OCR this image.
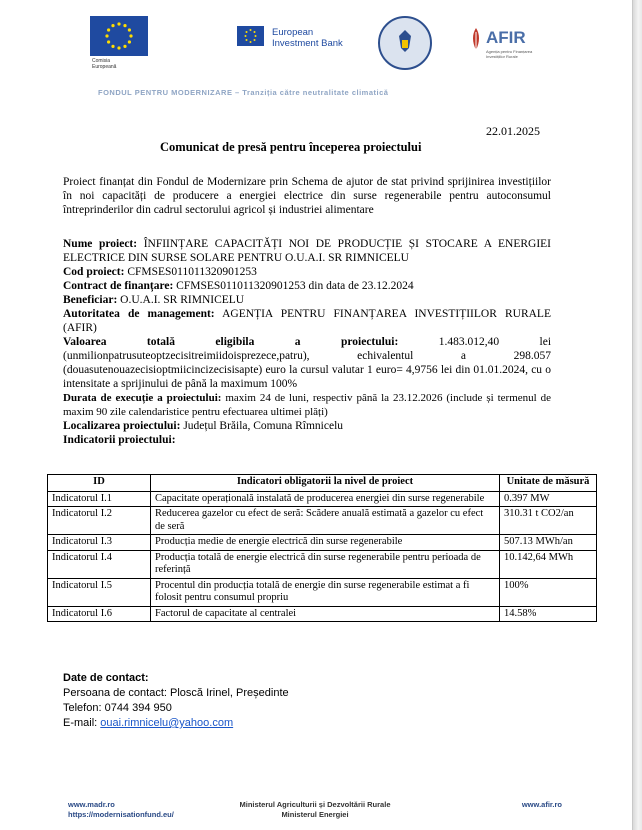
Comisia
Europeană
European
Investment Bank	AFIR
Agenția pentru Finanțarea Investițiilor Rurale
FONDUL PENTRU MODERNIZARE – Tranziția către neutralitate climatică
22.01.2025
Comunicat de presă pentru începerea proiectului
Proiect finanțat din Fondul de Modernizare prin Schema de ajutor de stat privind sprijinirea investițiilor în noi capacități de producere a energiei electrice din surse regenerabile pentru autoconsumul întreprinderilor din cadrul sectorului agricol și industriei alimentare
Nume proiect: ÎNFIINȚARE CAPACITĂȚI NOI DE PRODUCȚIE ȘI STOCARE A ENERGIEI ELECTRICE DIN SURSE SOLARE PENTRU O.U.A.I. SR RIMNICELU
Cod proiect: CFMSES011011320901253
Contract de finanțare: CFMSES011011320901253 din data de 23.12.2024
Beneficiar: O.U.A.I. SR RIMNICELU
Autoritatea de management: AGENȚIA PENTRU FINANȚAREA INVESTIȚIILOR RURALE (AFIR)
Valoarea totală eligibila a proiectului:	1.483.012,40 lei (unmilionpatrusuteoptzecisitreimiidoisprezece,patru), echivalentul a 298.057 (douasutenouazecisioptmiicincizecisisapte) euro la cursul valutar 1 euro= 4,9756 lei din 01.01.2024, cu o intensitate a sprijinului de până la maximum 100%
Durata de execuție a proiectului: maxim 24 de luni, respectiv până la 23.12.2026 (include și termenul de maxim 90 zile calendaristice pentru efectuarea ultimei plăți)
Localizarea proiectului: Județul Brăila, Comuna Rîmnicelu
Indicatorii proiectului:
ID	Indicatori obligatorii la nivel de proiect	Unitate de măsură
Indicatorul I.1	Capacitate operațională instalată de producerea energiei din surse regenerabile	0.397 MW
Indicatorul I.2	Reducerea gazelor cu efect de seră: Scădere anuală estimată a gazelor cu efect de seră	310.31 t CO2/an
Indicatorul I.3	Producția medie de energie electrică din surse regenerabile	507.13 MWh/an
Indicatorul I.4	Producția totală de energie electrică din surse regenerabile pentru perioada de referință	10.142,64 MWh
Indicatorul I.5	Procentul din producția totală de energie din surse regenerabile estimat a fi folosit pentru consumul propriu	100%
Indicatorul I.6	Factorul de capacitate al centralei	14.58%
Date de contact:
Persoana de contact: Ploscă Irinel, Președinte
Telefon: 0744 394 950
E-mail: ouai.rimnicelu@yahoo.com
www.madr.ro	Ministerul Agriculturii și Dezvoltării Rurale	www.afir.ro
https://modernisationfund.eu/	Ministerul Energiei
